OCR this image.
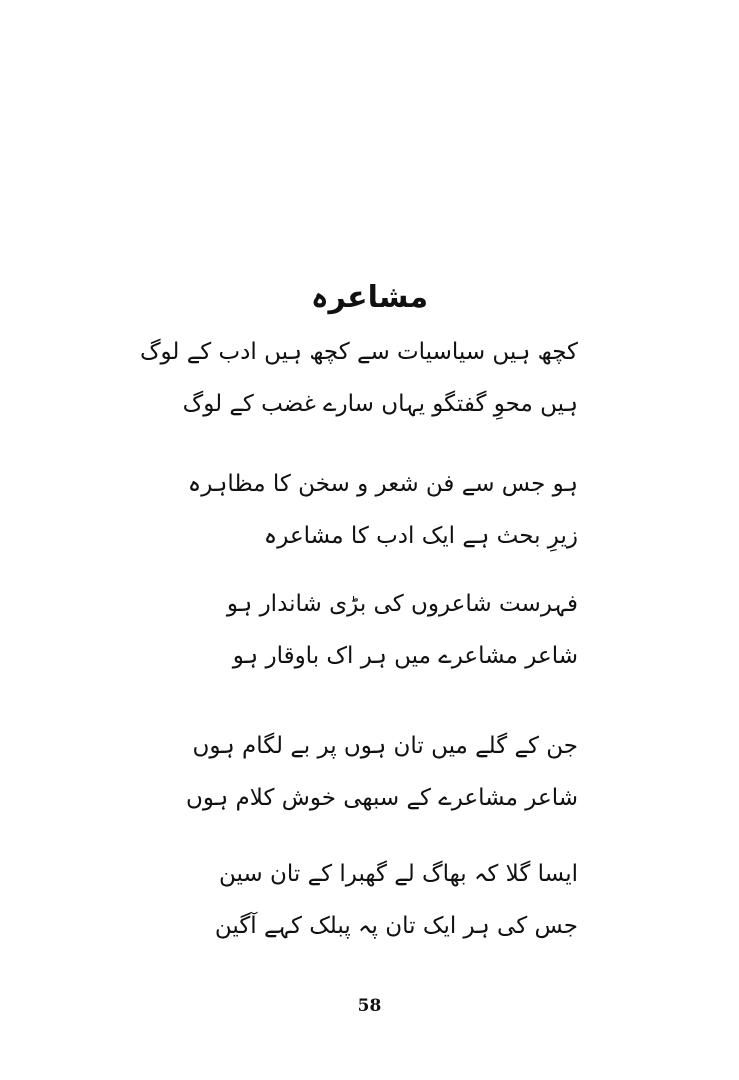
مشاعرہ
کچھ ہیں سیاسیات سے کچھ ہیں ادب کے لوگ
ہیں محوِ گفتگو یہاں سارے غضب کے لوگ
ہو جس سے فن شعر و سخن کا مظاہرہ
زیرِ بحث ہے ایک ادب کا مشاعرہ
فہرست شاعروں کی بڑی شاندار ہو
شاعر مشاعرے میں ہر اک باوقار ہو
جن کے گلے میں تان ہوں پر بے لگام ہوں
شاعر مشاعرے کے سبھی خوش کلام ہوں
ایسا گلا کہ بھاگ لے گھبرا کے تان سین
جس کی ہر ایک تان پہ پبلک کہے آگین
58
